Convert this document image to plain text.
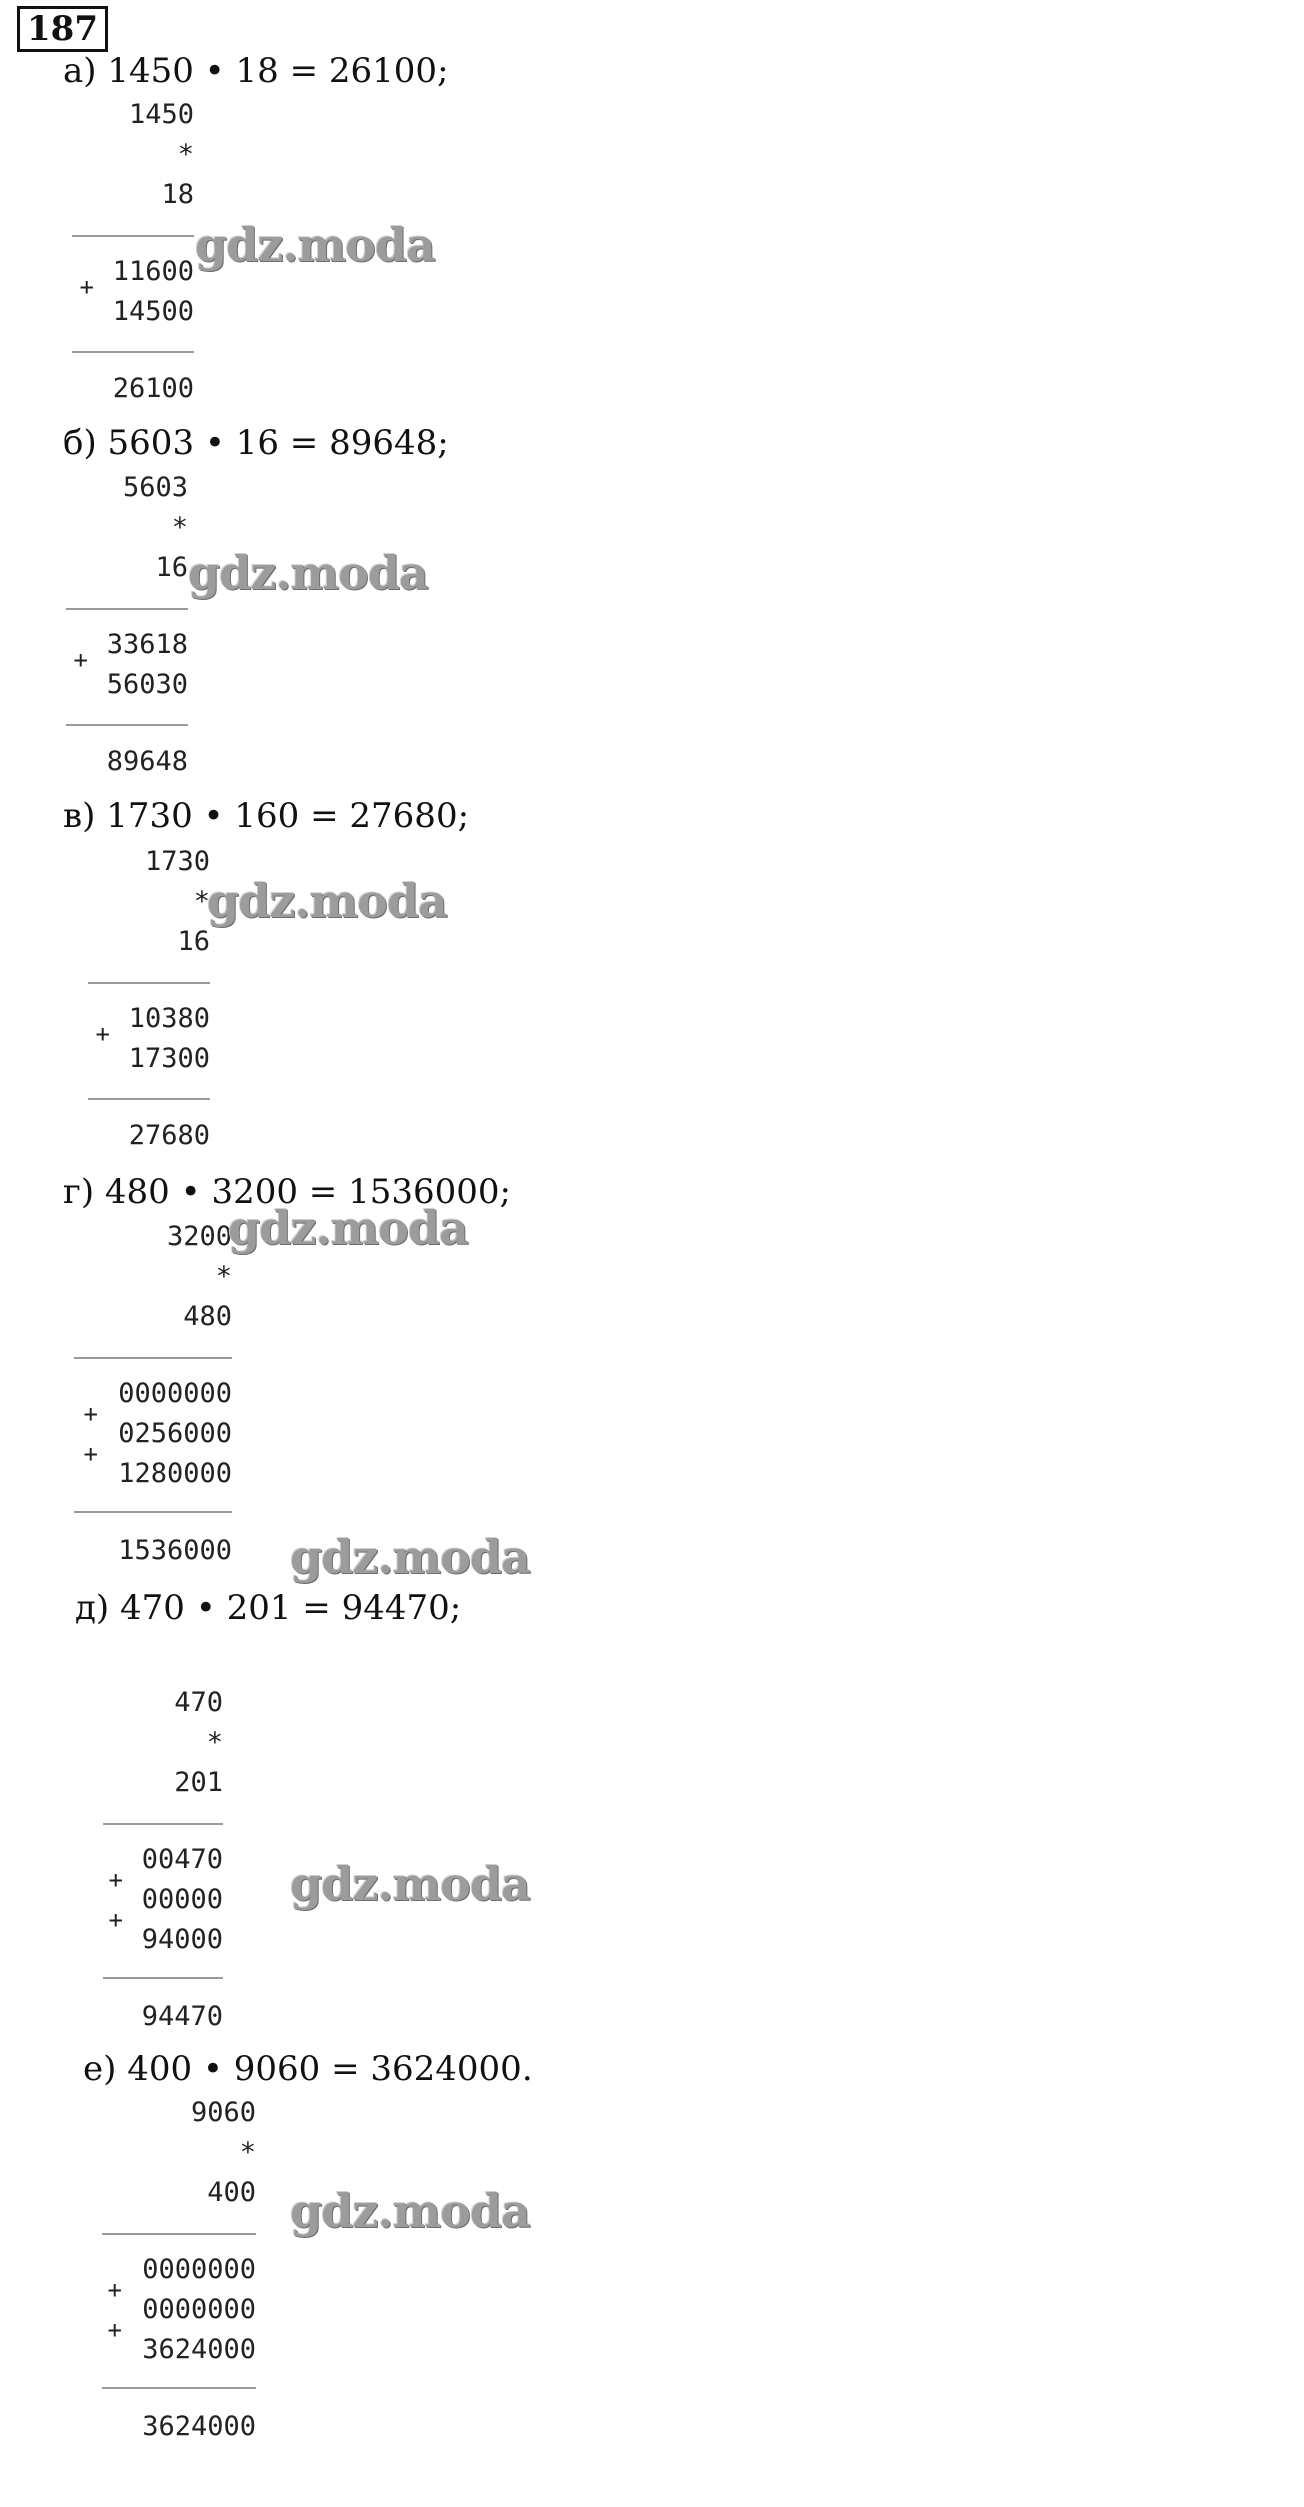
187
а) 1450 • 18 = 26100;
1450
*
18
+ 11600
14500
26100
gdz.moda
б) 5603 • 16 = 89648;
5603
*
16
+ 33618
56030
89648
gdz.moda
в) 1730 • 160 = 27680;
1730
*
16
+ 10380
17300
27680
gdz.moda
г) 480 • 3200 = 1536000;
3200
*
480
+
+
0000000
0256000
1280000
1536000
gdz.moda
gdz.moda
д) 470 • 201 = 94470;
470
*
201
+
+
00470
00000
94000
94470
gdz.moda
е) 400 • 9060 = 3624000.
9060
*
400
+
+
0000000
0000000
3624000
3624000
gdz.moda
